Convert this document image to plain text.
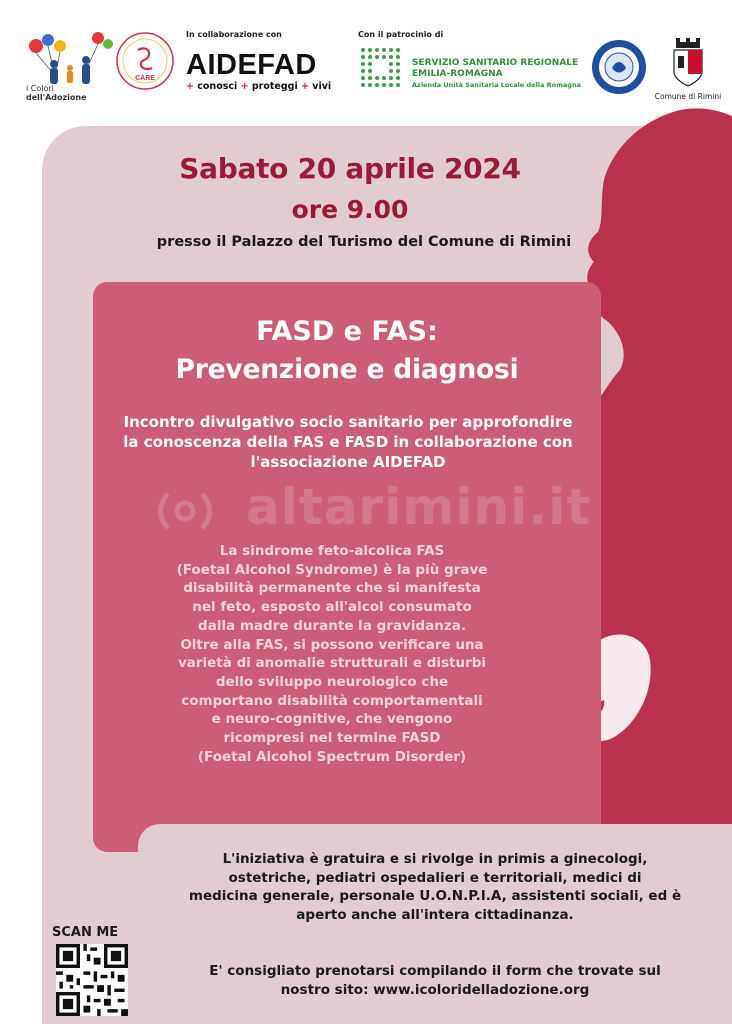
i Colori
dell'Adozione
CARE
In collaborazione con
AIDEFAD
+ conosci + proteggi + vivi
Con il patrocinio di
SERVIZIO SANITARIO REGIONALE
EMILIA-ROMAGNA
Azienda Unità Sanitaria Locale della Romagna
Comune di Rimini
Sabato 20 aprile 2024
ore 9.00
presso il Palazzo del Turismo del Comune di Rimini
FASD e FAS:
Prevenzione e diagnosi
Incontro divulgativo socio sanitario per approfondire la conoscenza della FAS e FASD in collaborazione con l'associazione AIDEFAD
altarimini.it
La sindrome feto-alcolica FAS
(Foetal Alcohol Syndrome) è la più grave
disabilità permanente che si manifesta
nel feto, esposto all'alcol consumato
dalla madre durante la gravidanza.
Oltre alla FAS, si possono verificare una
varietà di anomalie strutturali e disturbi
dello sviluppo neurologico che
comportano disabilità comportamentali
e neuro-cognitive, che vengono
ricompresi nel termine FASD
(Foetal Alcohol Spectrum Disorder)
L'iniziativa è gratuira e si rivolge in primis a ginecologi,
ostetriche, pediatri ospedalieri e territoriali, medici di
medicina generale, personale U.O.N.P.I.A, assistenti sociali, ed è
aperto anche all'intera cittadinanza.
E' consigliato prenotarsi compilando il form che trovate sul
nostro sito: www.icoloridelladozione.org
SCAN ME
